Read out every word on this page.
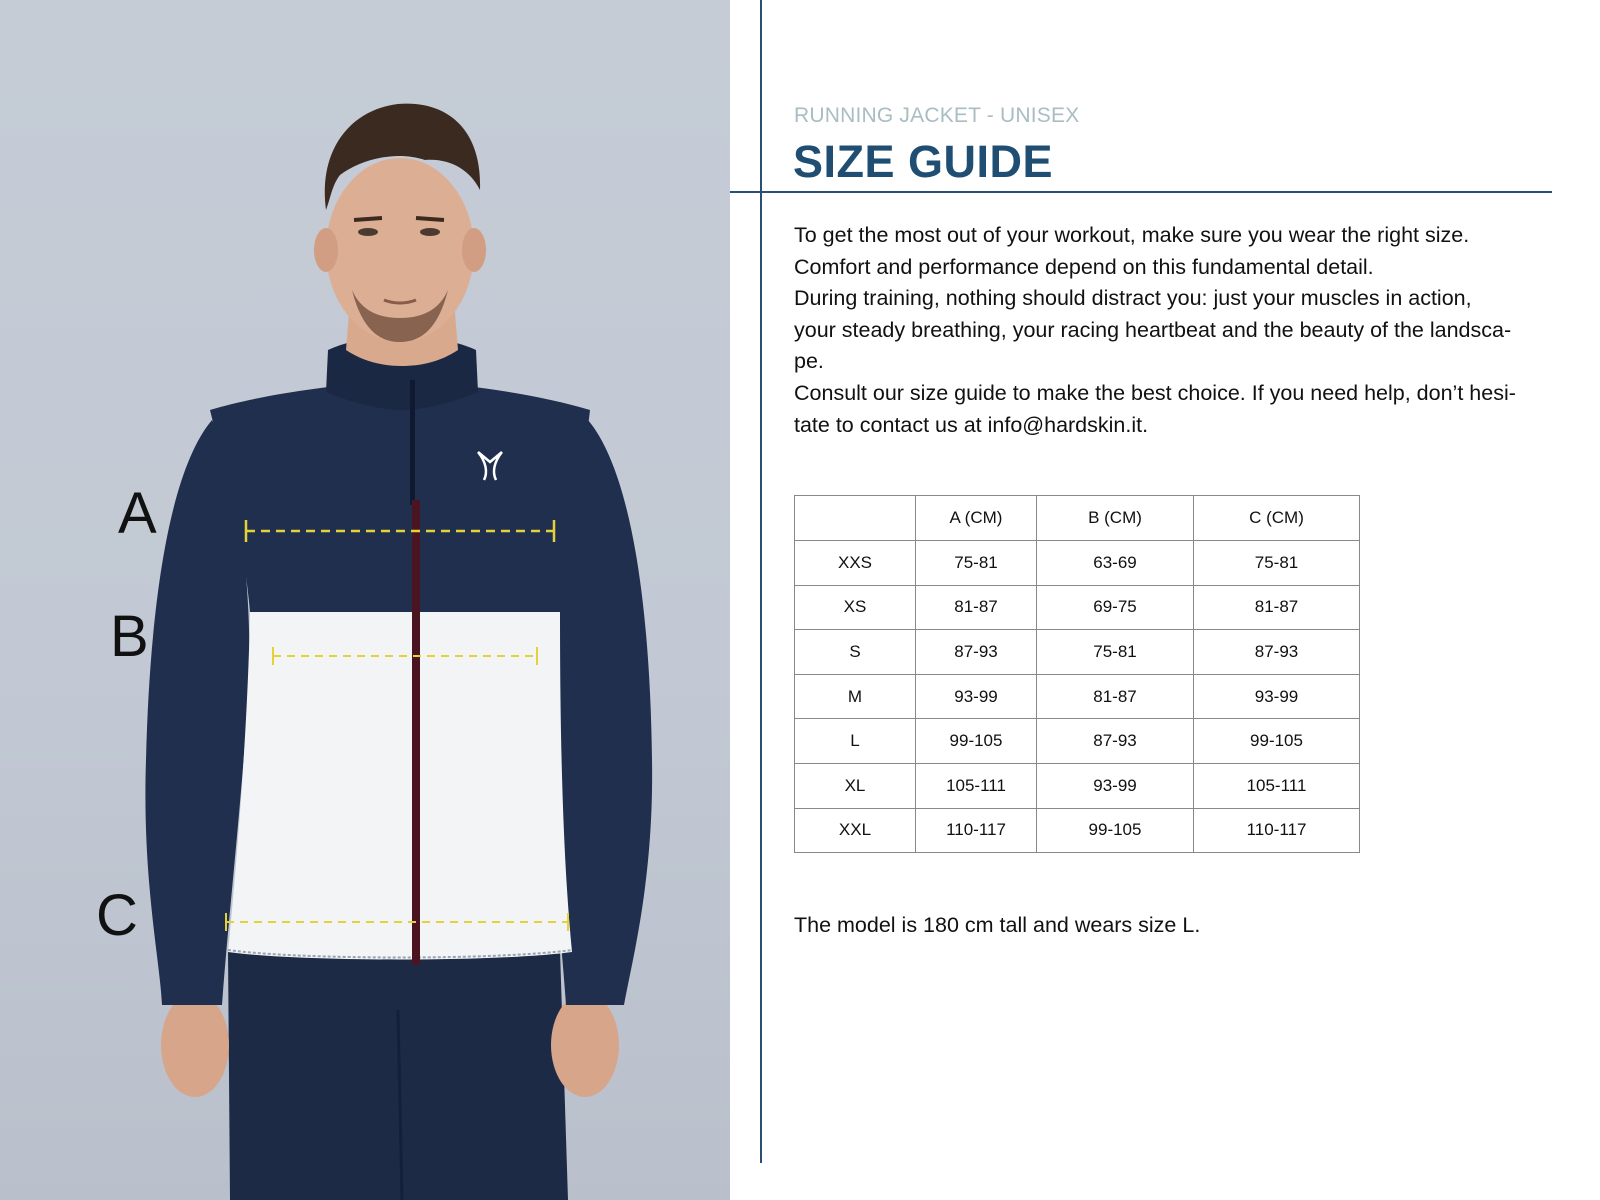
A
B
C
RUNNING JACKET - UNISEX
SIZE GUIDE
To get the most out of your workout, make sure you wear the right size.
Comfort and performance depend on this fundamental detail.
During training, nothing should distract you: just your muscles in action,
your steady breathing, your racing heartbeat and the beauty of the landsca-
pe.
Consult our size guide to make the best choice. If you need help, don’t hesi-
tate to contact us at info@hardskin.it.
	A (CM)	B (CM)	C (CM)
XXS	75-81	63-69	75-81
XS	81-87	69-75	81-87
S	87-93	75-81	87-93
M	93-99	81-87	93-99
L	99-105	87-93	99-105
XL	105-111	93-99	105-111
XXL	110-117	99-105	110-117
The model is 180 cm tall and wears size L.
